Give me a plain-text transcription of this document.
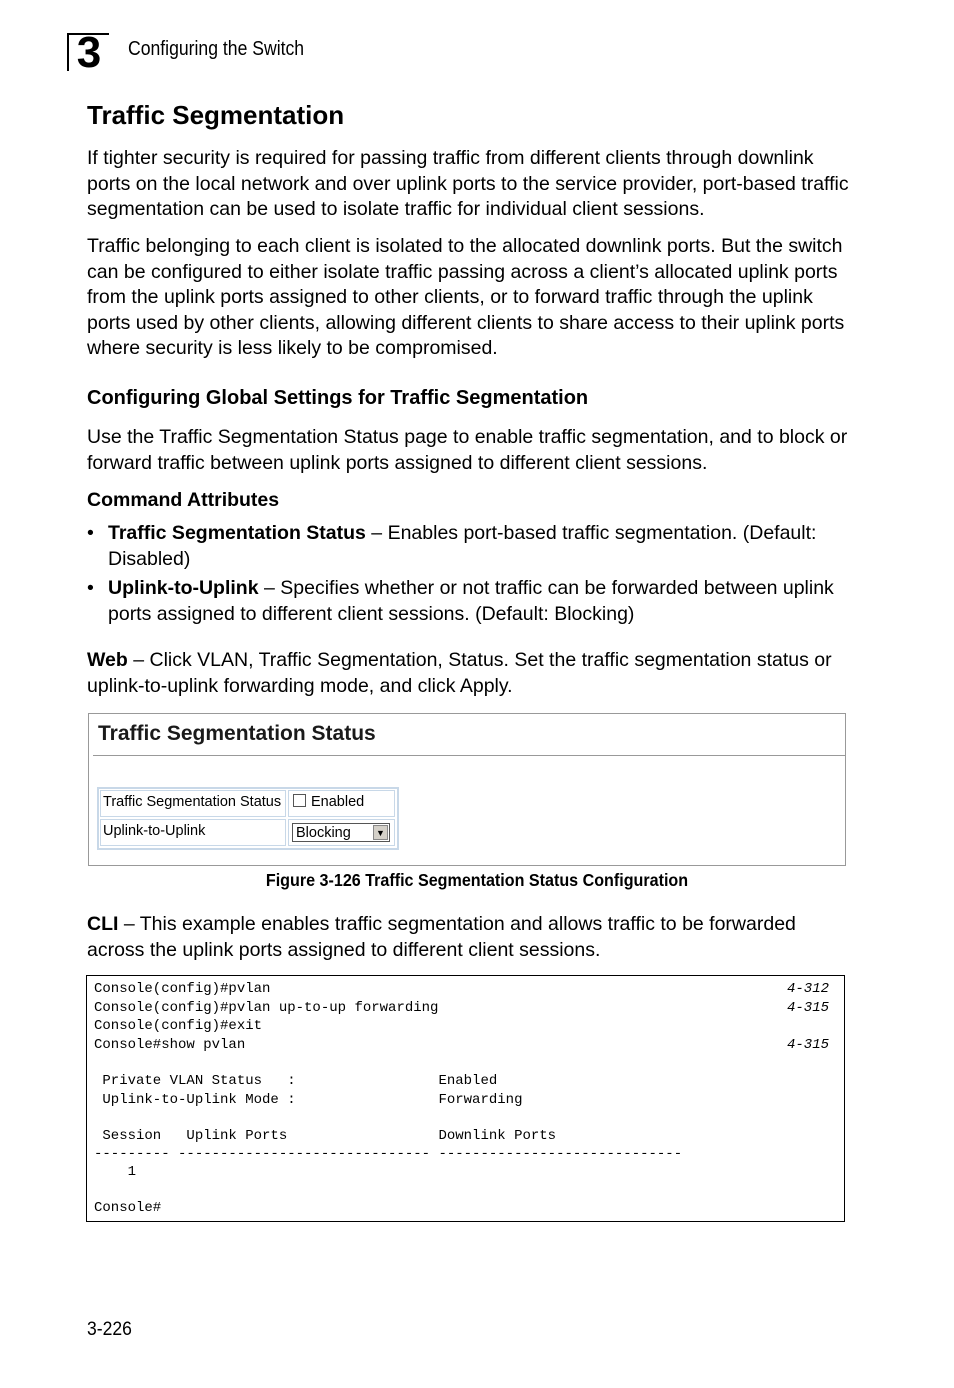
3	Configuring the Switch
Traffic Segmentation
If tighter security is required for passing traffic from different clients through downlink ports on the local network and over uplink ports to the service provider, port-based traffic segmentation can be used to isolate traffic for individual client sessions.
Traffic belonging to each client is isolated to the allocated downlink ports. But the switch can be configured to either isolate traffic passing across a client’s allocated uplink ports from the uplink ports assigned to other clients, or to forward traffic through the uplink ports used by other clients, allowing different clients to share access to their uplink ports where security is less likely to be compromised.
Configuring Global Settings for Traffic Segmentation
Use the Traffic Segmentation Status page to enable traffic segmentation, and to block or forward traffic between uplink ports assigned to different client sessions.
Command Attributes
• Traffic Segmentation Status – Enables port-based traffic segmentation. (Default: Disabled)
• Uplink-to-Uplink – Specifies whether or not traffic can be forwarded between uplink ports assigned to different client sessions. (Default: Blocking)
Web – Click VLAN, Traffic Segmentation, Status. Set the traffic segmentation status or uplink-to-uplink forwarding mode, and click Apply.
Traffic Segmentation Status
Traffic Segmentation Status	Enabled
Uplink-to-Uplink	Blocking	▼
Figure 3-126 Traffic Segmentation Status Configuration
CLI – This example enables traffic segmentation and allows traffic to be forwarded across the uplink ports assigned to different client sessions.
Console(config)#pvlan	4-312
Console(config)#pvlan up-to-up forwarding	4-315
Console(config)#exit
Console#show pvlan	4-315
Private VLAN Status   :                 Enabled
Uplink-to-Uplink Mode :                 Forwarding
Session   Uplink Ports                  Downlink Ports
--------- ------------------------------ -----------------------------
1
Console#
3-226
